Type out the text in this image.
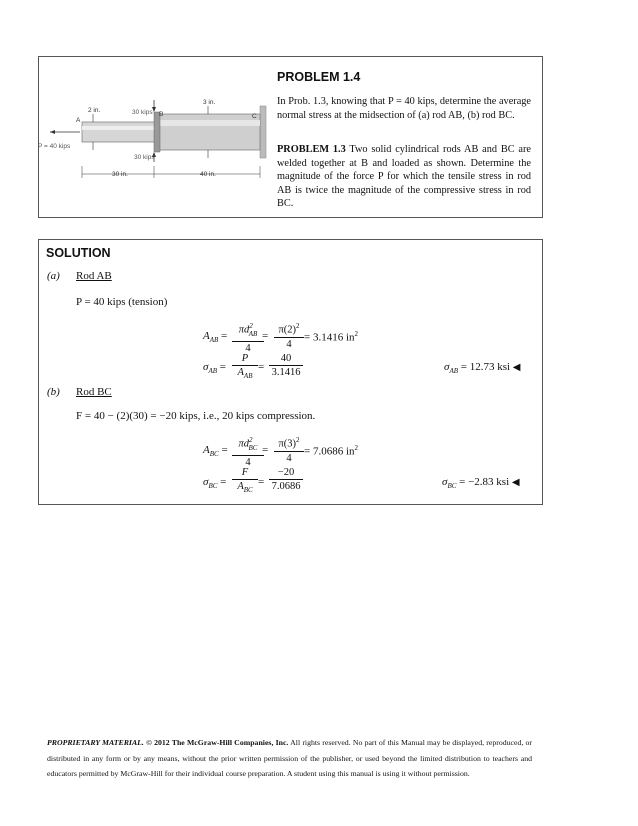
2 in.	30 kips B
3 in.
C
A
P = 40 kips
30 kips
30 in.	40 in.
PROBLEM 1.4
In Prob. 1.3, knowing that P = 40 kips, determine the average normal stress at the midsection of (a) rod AB, (b) rod BC.
PROBLEM 1.3 Two solid cylindrical rods AB and BC are welded together at B and loaded as shown. Determine the magnitude of the force P for which the tensile stress in rod AB is twice the magnitude of the compressive stress in rod BC.
SOLUTION
(a) Rod AB
P = 40 kips (tension)
$A_{AB} = \frac{\pi d^2_{AB}}{4}$
= $\frac{\pi(2)^2}{4} = 3.1416$ $in^2$
$\sigma_{AB}$ =
P
$A_{AB}$
= $\frac{40}{3.1416}$	$\sigma_{AB} = 12.73$ ksi ◀
(b) Rod BC
F = 40 − (2)(30) = −20 kips, i.e., 20 kips compression.
$A_{BC} = \frac{\pi d^2_{BC}}{4}$
= $\frac{\pi(3)^2}{4} = 7.0686$ $in^2$
$\sigma_{BC}$ =
F
$A_{BC}$
= $\frac{-20}{7.0686}$	$\sigma_{BC} = -2.83$ ksi ◀
PROPRIETARY MATERIAL. © 2012 The McGraw-Hill Companies, Inc. All rights reserved. No part of this Manual may be displayed, reproduced, or distributed in any form or by any means, without the prior written permission of the publisher, or used beyond the limited distribution to teachers and educators permitted by McGraw-Hill for their individual course preparation. A student using this manual is using it without permission.
